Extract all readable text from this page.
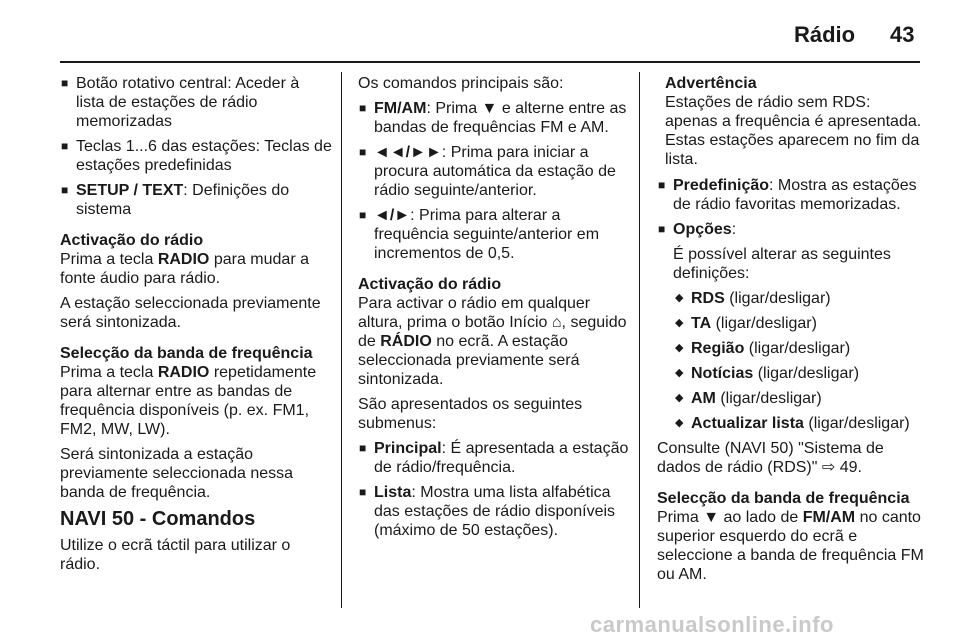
Rádio 43

■ Botão rotativo central: Aceder à lista de estações de rádio memorizadas

■ Teclas 1...6 das estações: Teclas de estações predefinidas

■ SETUP / TEXT: Definições do sistema

Activação do rádio

Prima a tecla RADIO para mudar a fonte áudio para rádio.

A estação seleccionada previamente será sintonizada.

Selecção da banda de frequência

Prima a tecla RADIO repetidamente para alternar entre as bandas de frequência disponíveis (p. ex. FM1, FM2, MW, LW).

Será sintonizada a estação previamente seleccionada nessa banda de frequência.

NAVI 50 - Comandos

Utilize o ecrã táctil para utilizar o rádio.

Os comandos principais são:

■ FM/AM: Prima ▼ e alterne entre as bandas de frequências FM e AM.

■ ◄◄/►►: Prima para iniciar a procura automática da estação de rádio seguinte/anterior.

■ ◄/►: Prima para alterar a frequência seguinte/anterior em incrementos de 0,5.

Activação do rádio

Para activar o rádio em qualquer altura, prima o botão Início ⌂, seguido de RÁDIO no ecrã. A estação seleccionada previamente será sintonizada.

São apresentados os seguintes submenus:

■ Principal: É apresentada a estação de rádio/frequência.

■ Lista: Mostra uma lista alfabética das estações de rádio disponíveis (máximo de 50 estações).

Advertência
Estações de rádio sem RDS: apenas a frequência é apresentada. Estas estações aparecem no fim da lista.

■ Predefinição: Mostra as estações de rádio favoritas memorizadas.

■ Opções:

É possível alterar as seguintes definições:

◆ RDS (ligar/desligar)

◆ TA (ligar/desligar)

◆ Região (ligar/desligar)

◆ Notícias (ligar/desligar)

◆ AM (ligar/desligar)

◆ Actualizar lista (ligar/desligar)

Consulte (NAVI 50) "Sistema de dados de rádio (RDS)" ⇨ 49.

Selecção da banda de frequência

Prima ▼ ao lado de FM/AM no canto superior esquerdo do ecrã e seleccione a banda de frequência FM ou AM.

carmanualsonline.info
